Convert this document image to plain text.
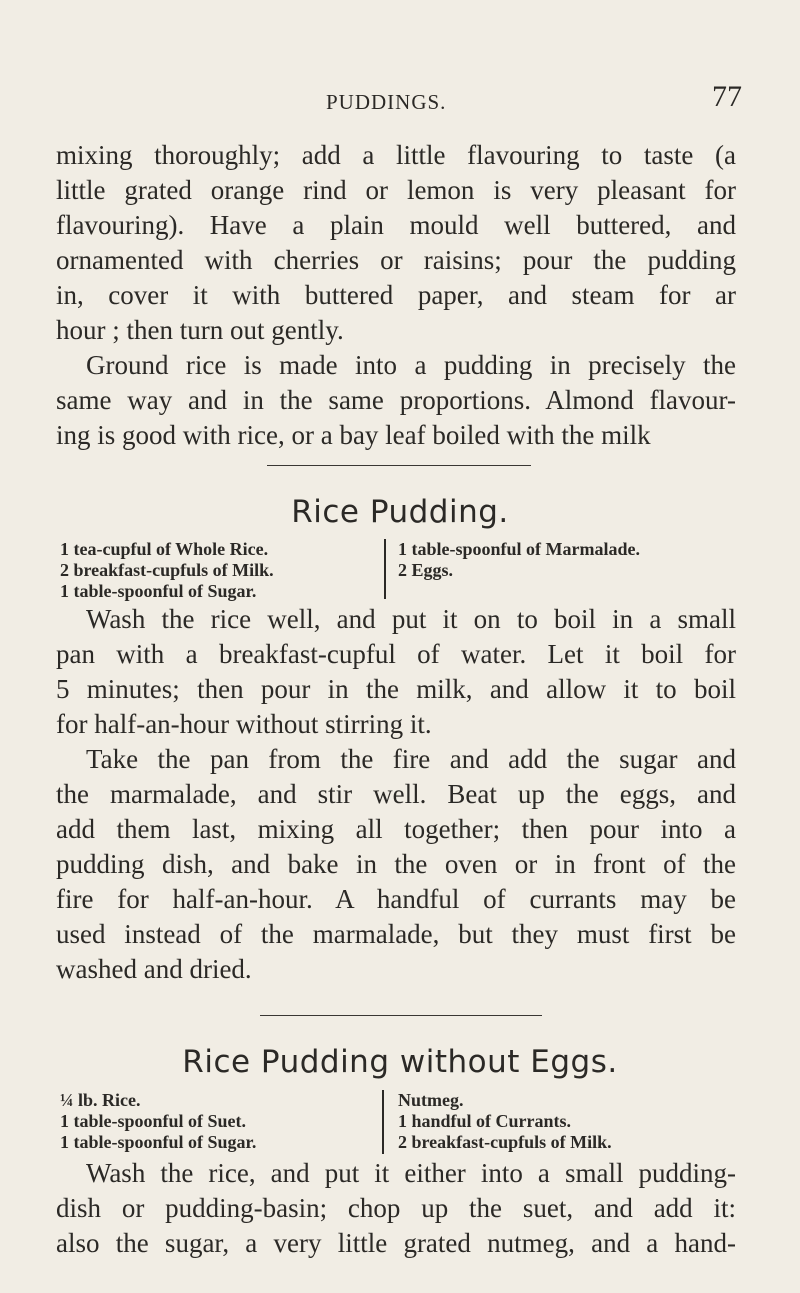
PUDDINGS.	77
mixing thoroughly; add a little flavouring to taste (a
little grated orange rind or lemon is very pleasant for
flavouring). Have a plain mould well buttered, and
ornamented with cherries or raisins; pour the pudding
in, cover it with buttered paper, and steam for ar
hour ; then turn out gently.
Ground rice is made into a pudding in precisely the
same way and in the same proportions. Almond flavour-
ing is good with rice, or a bay leaf boiled with the milk
Rice Pudding.
1 tea-cupful of Whole Rice.
2 breakfast-cupfuls of Milk.
1 table-spoonful of Sugar.
1 table-spoonful of Marmalade.
2 Eggs.
Wash the rice well, and put it on to boil in a small
pan with a breakfast-cupful of water. Let it boil for
5 minutes; then pour in the milk, and allow it to boil
for half-an-hour without stirring it.
Take the pan from the fire and add the sugar and
the marmalade, and stir well. Beat up the eggs, and
add them last, mixing all together; then pour into a
pudding dish, and bake in the oven or in front of the
fire for half-an-hour. A handful of currants may be
used instead of the marmalade, but they must first be
washed and dried.
Rice Pudding without Eggs.
¼ lb. Rice.
1 table-spoonful of Suet.
1 table-spoonful of Sugar.
Nutmeg.
1 handful of Currants.
2 breakfast-cupfuls of Milk.
Wash the rice, and put it either into a small pudding-
dish or pudding-basin; chop up the suet, and add it:
also the sugar, a very little grated nutmeg, and a hand-
